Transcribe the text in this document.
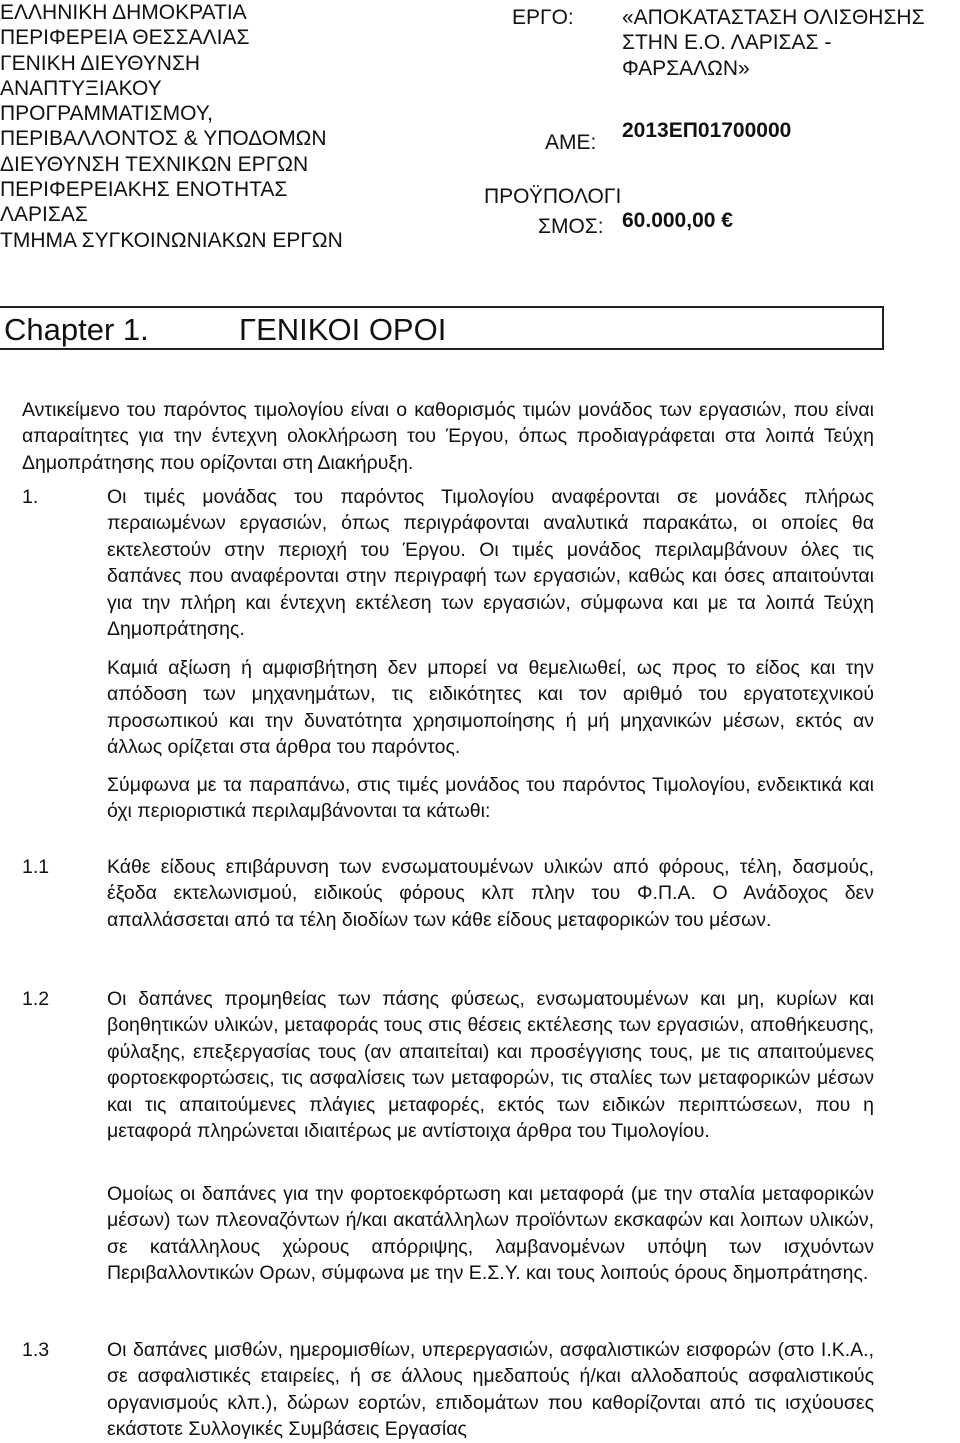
ΕΛΛΗΝΙΚΗ ΔΗΜΟΚΡΑΤΙΑ
ΠΕΡΙΦΕΡΕΙΑ ΘΕΣΣΑΛΙΑΣ
ΓΕΝΙΚΗ ΔΙΕΥΘΥΝΣΗ
ΑΝΑΠΤΥΞΙΑΚΟΥ
ΠΡΟΓΡΑΜΜΑΤΙΣΜΟΥ,
ΠΕΡΙΒΑΛΛΟΝΤΟΣ & ΥΠΟΔΟΜΩΝ
ΔΙΕΥΘΥΝΣΗ ΤΕΧΝΙΚΩΝ ΕΡΓΩΝ
ΠΕΡΙΦΕΡΕΙΑΚΗΣ ΕΝΟΤΗΤΑΣ
ΛΑΡΙΣΑΣ
ΤΜΗΜΑ ΣΥΓΚΟΙΝΩΝΙΑΚΩΝ ΕΡΓΩΝ
ΕΡΓΟ: «ΑΠΟΚΑΤΑΣΤΑΣΗ ΟΛΙΣΘΗΣΗΣ
ΣΤΗΝ Ε.Ο. ΛΑΡΙΣΑΣ -
ΦΑΡΣΑΛΩΝ»
ΑΜΕ:
2013ΕΠ01700000
ΠΡΟΫΠΟΛΟΓΙ
ΣΜΟΣ: 60.000,00 €
Chapter 1.	ΓΕΝΙΚΟΙ ΟΡΟΙ

Αντικείμενο του παρόντος τιμολογίου είναι ο καθορισμός τιμών μονάδος των εργασιών, που είναι απαραίτητες για την έντεχνη ολοκλήρωση του Έργου, όπως προδιαγράφεται στα λοιπά Τεύχη Δημοπράτησης που ορίζονται στη Διακήρυξη.

1.	Οι τιμές μονάδας του παρόντος Τιμολογίου αναφέρονται σε μονάδες πλήρως περαιωμένων εργασιών, όπως περιγράφονται αναλυτικά παρακάτω, οι οποίες θα εκτελεστούν στην περιοχή του Έργου. Οι τιμές μονάδος περιλαμβάνουν όλες τις δαπάνες που αναφέρονται στην περιγραφή των εργασιών, καθώς και όσες απαιτούνται για την πλήρη και έντεχνη εκτέλεση των εργασιών, σύμφωνα και με τα λοιπά Τεύχη Δημοπράτησης.

Καμιά αξίωση ή αμφισβήτηση δεν μπορεί να θεμελιωθεί, ως προς το είδος και την απόδοση των μηχανημάτων, τις ειδικότητες και τον αριθμό του εργατοτεχνικού προσωπικού και την δυνατότητα χρησιμοποίησης ή μή μηχανικών μέσων, εκτός αν άλλως ορίζεται στα άρθρα του παρόντος.

Σύμφωνα με τα παραπάνω, στις τιμές μονάδος του παρόντος Τιμολογίου, ενδεικτικά και όχι περιοριστικά περιλαμβάνονται τα κάτωθι:

1.1	Κάθε είδους επιβάρυνση των ενσωματουμένων υλικών από φόρους, τέλη, δασμούς, έξοδα εκτελωνισμού, ειδικούς φόρους κλπ πλην του Φ.Π.Α. Ο Ανάδοχος δεν απαλλάσσεται από τα τέλη διοδίων των κάθε είδους μεταφορικών του μέσων.

1.2	Οι δαπάνες προμηθείας των πάσης φύσεως, ενσωματουμένων και μη, κυρίων και βοηθητικών υλικών, μεταφοράς τους στις θέσεις εκτέλεσης των εργασιών, αποθήκευσης, φύλαξης, επεξεργασίας τους (αν απαιτείται) και προσέγγισης τους, με τις απαιτούμενες φορτοεκφορτώσεις, τις ασφαλίσεις των μεταφορών, τις σταλίες των μεταφορικών μέσων και τις απαιτούμενες πλάγιες μεταφορές, εκτός των ειδικών περιπτώσεων, που η μεταφορά πληρώνεται ιδιαιτέρως με αντίστοιχα άρθρα του Τιμολογίου.

Ομοίως οι δαπάνες για την φορτοεκφόρτωση και μεταφορά (με την σταλία μεταφορικών μέσων) των πλεοναζόντων ή/και ακατάλληλων προϊόντων εκσκαφών και λοιπων υλικών, σε κατάλληλους χώρους απόρριψης, λαμβανομένων υπόψη των ισχυόντων Περιβαλλοντικών Ορων, σύμφωνα με την Ε.Σ.Υ. και τους λοιπούς όρους δημοπράτησης.

1.3	Οι δαπάνες μισθών, ημερομισθίων, υπερεργασιών, ασφαλιστικών εισφορών (στο Ι.Κ.Α., σε ασφαλιστικές εταιρείες, ή σε άλλους ημεδαπούς ή/και αλλοδαπούς ασφαλιστικούς οργανισμούς κλπ.), δώρων εορτών, επιδομάτων που καθορίζονται από τις ισχύουσες εκάστοτε Συλλογικές Συμβάσεις Εργασίας
